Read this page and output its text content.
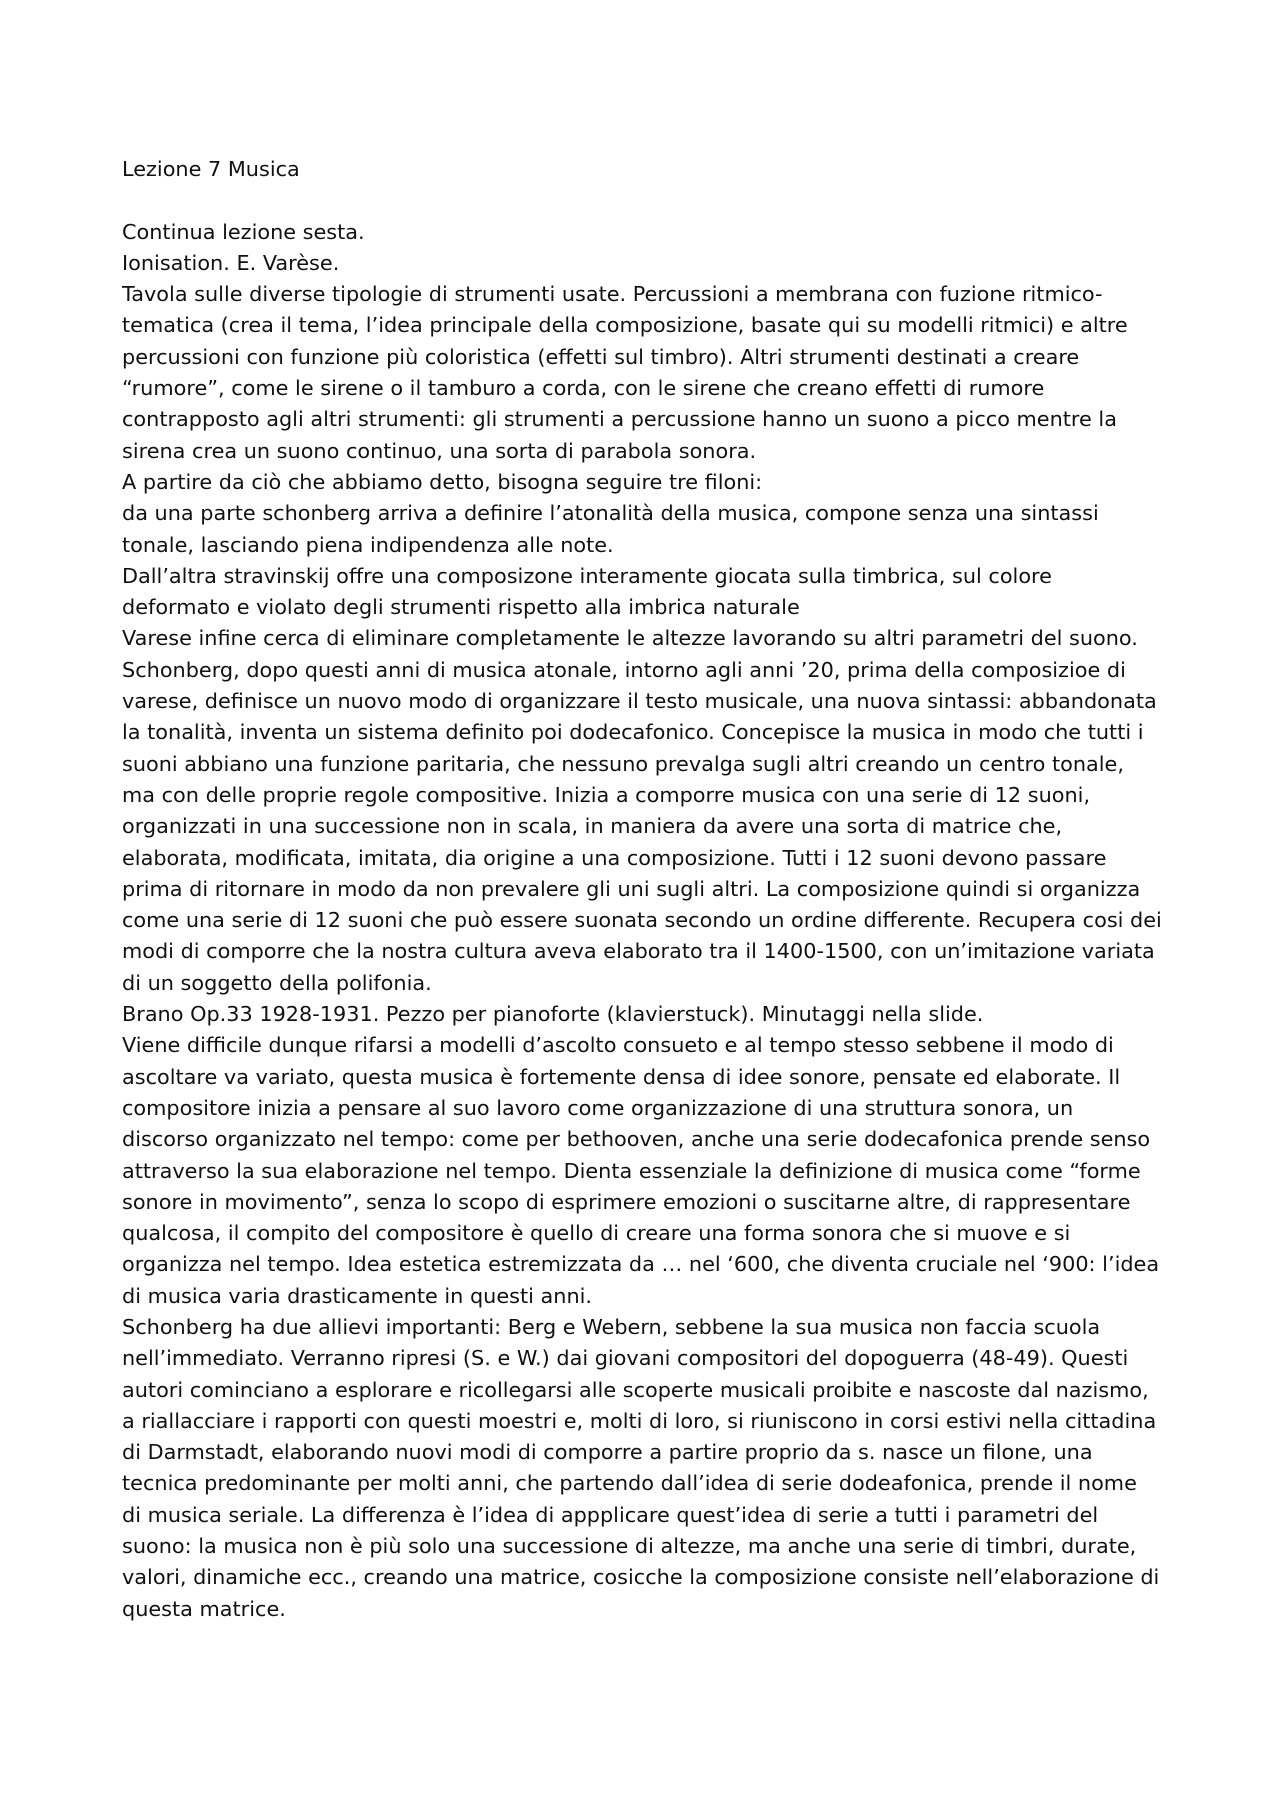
Lezione 7 Musica

Continua lezione sesta.

Ionisation. E. Varèse.

Tavola sulle diverse tipologie di strumenti usate. Percussioni a membrana con fuzione ritmico-tematica (crea il tema, l’idea principale della composizione, basate qui su modelli ritmici) e altre percussioni con funzione più coloristica (effetti sul timbro). Altri strumenti destinati a creare “rumore”, come le sirene o il tamburo a corda, con le sirene che creano effetti di rumore contrapposto agli altri strumenti: gli strumenti a percussione hanno un suono a picco mentre la sirena crea un suono continuo, una sorta di parabola sonora.

A partire da ciò che abbiamo detto, bisogna seguire tre filoni:

da una parte schonberg arriva a definire l’atonalità della musica, compone senza una sintassi tonale, lasciando piena indipendenza alle note.

Dall’altra stravinskij offre una composizone interamente giocata sulla timbrica, sul colore deformato e violato degli strumenti rispetto alla imbrica naturale

Varese infine cerca di eliminare completamente le altezze lavorando su altri parametri del suono.

Schonberg, dopo questi anni di musica atonale, intorno agli anni ’20, prima della composizioe di varese, definisce un nuovo modo di organizzare il testo musicale, una nuova sintassi: abbandonata la tonalità, inventa un sistema definito poi dodecafonico. Concepisce la musica in modo che tutti i suoni abbiano una funzione paritaria, che nessuno prevalga sugli altri creando un centro tonale, ma con delle proprie regole compositive. Inizia a comporre musica con una serie di 12 suoni, organizzati in una successione non in scala, in maniera da avere una sorta di matrice che, elaborata, modificata, imitata, dia origine a una composizione. Tutti i 12 suoni devono passare prima di ritornare in modo da non prevalere gli uni sugli altri. La composizione quindi si organizza come una serie di 12 suoni che può essere suonata secondo un ordine differente. Recupera cosi dei modi di comporre che la nostra cultura aveva elaborato tra il 1400-1500, con un’imitazione variata di un soggetto della polifonia.

Brano Op.33 1928-1931. Pezzo per pianoforte (klavierstuck). Minutaggi nella slide.

Viene difficile dunque rifarsi a modelli d’ascolto consueto e al tempo stesso sebbene il modo di ascoltare va variato, questa musica è fortemente densa di idee sonore, pensate ed elaborate. Il compositore inizia a pensare al suo lavoro come organizzazione di una struttura sonora, un discorso organizzato nel tempo: come per bethooven, anche una serie dodecafonica prende senso attraverso la sua elaborazione nel tempo. Dienta essenziale la definizione di musica come “forme sonore in movimento”, senza lo scopo di esprimere emozioni o suscitarne altre, di rappresentare qualcosa, il compito del compositore è quello di creare una forma sonora che si muove e si organizza nel tempo. Idea estetica estremizzata da … nel ‘600, che diventa cruciale nel ‘900: l’idea di musica varia drasticamente in questi anni.

Schonberg ha due allievi importanti: Berg e Webern, sebbene la sua musica non faccia scuola nell’immediato. Verranno ripresi (S. e W.) dai giovani compositori del dopoguerra (48-49). Questi autori cominciano a esplorare e ricollegarsi alle scoperte musicali proibite e nascoste dal nazismo, a riallacciare i rapporti con questi moestri e, molti di loro, si riuniscono in corsi estivi nella cittadina di Darmstadt, elaborando nuovi modi di comporre a partire proprio da s. nasce un filone, una tecnica predominante per molti anni, che partendo dall’idea di serie dodeafonica, prende il nome di musica seriale. La differenza è l’idea di appplicare quest’idea di serie a tutti i parametri del suono: la musica non è più solo una successione di altezze, ma anche una serie di timbri, durate, valori, dinamiche ecc., creando una matrice, cosicche la composizione consiste nell’elaborazione di questa matrice.
